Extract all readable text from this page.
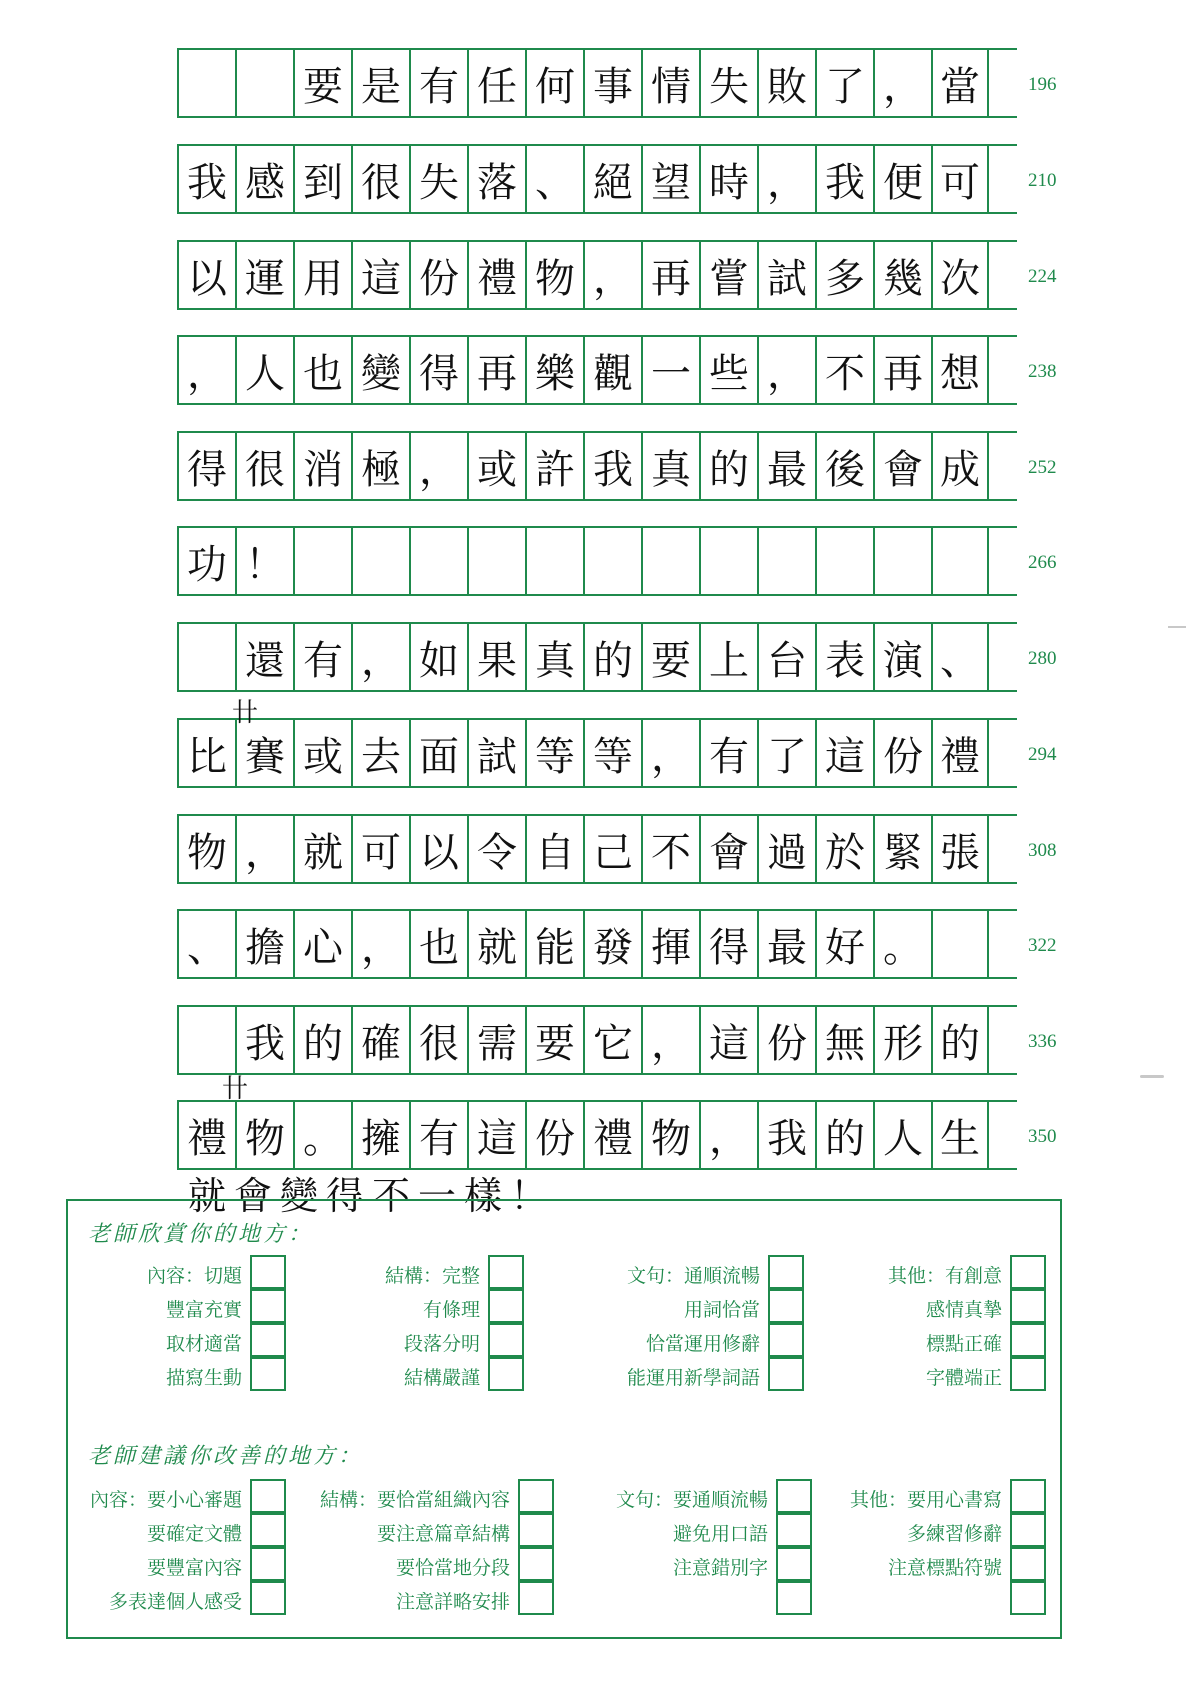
要 是 有 任 何 事 情 失 敗 了 ， 當	196
我 感 到 很 失 落 、 絕 望 時 ， 我 便 可	210
以 運 用 這 份 禮 物 ， 再 嘗 試 多 幾 次	224
， 人 也 變 得 再 樂 觀 一 些 ， 不 再 想	238
得 很 消 極 ， 或 許 我 真 的 最 後 會 成	252
功 ！	266
還 有 ， 如 果 真 的 要 上 台 表 演 、	280
比 賽 或 去 面 試 等 等 ， 有 了 這 份 禮	294
物 ， 就 可 以 令 自 己 不 會 過 於 緊 張	308
、 擔 心 ， 也 就 能 發 揮 得 最 好 。	322
我 的 確 很 需 要 它 ， 這 份 無 形 的	336
禮 物 。 擁 有 這 份 禮 物 ， 我 的 人 生	350
就會變得不一樣！
卄
卄
老師欣賞你的地方：
內容：切題
豐富充實
取材適當
描寫生動
結構：完整
有條理
段落分明
結構嚴謹
文句：通順流暢
用詞恰當
恰當運用修辭
能運用新學詞語
其他：有創意
感情真摯
標點正確
字體端正
老師建議你改善的地方：
內容：要小心審題
要確定文體
要豐富內容
多表達個人感受
結構：要恰當組織內容
要注意篇章結構
要恰當地分段
注意詳略安排
文句：要通順流暢
避免用口語
注意錯別字
其他：要用心書寫
多練習修辭
注意標點符號
